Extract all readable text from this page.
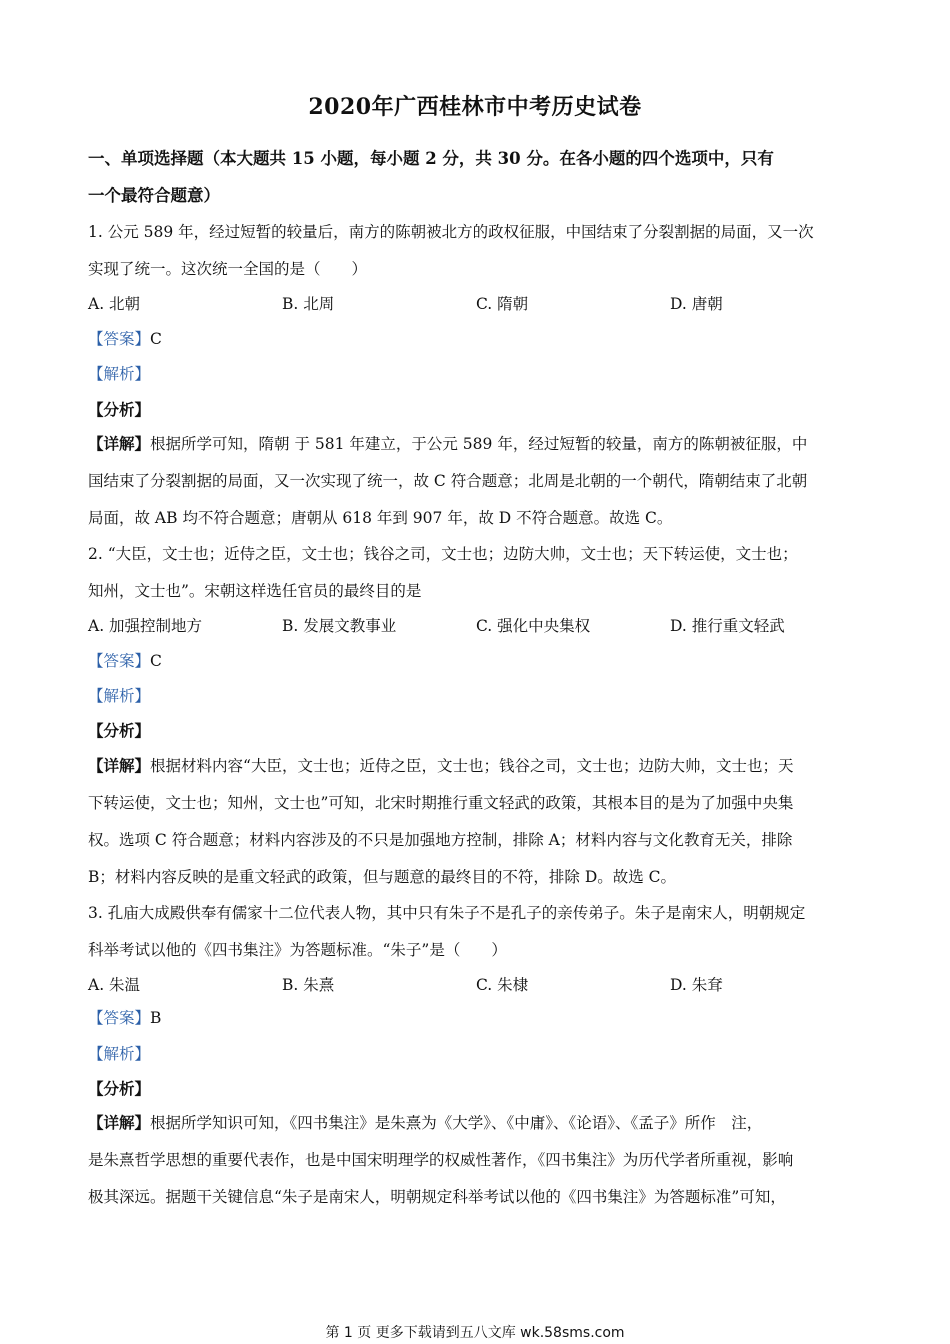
2020年广西桂林市中考历史试卷
一、单项选择题（本大题共 15 小题，每小题 2 分，共 30 分。在各小题的四个选项中，只有
一个最符合题意）
1. 公元 589 年，经过短暂的较量后，南方的陈朝被北方的政权征服，中国结束了分裂割据的局面，又一次
实现了统一。这次统一全国的是（　　）
A. 北朝	B. 北周	C. 隋朝	D. 唐朝
【答案】C
【解析】
【分析】
【详解】根据所学可知，隋朝 于 581 年建立，于公元 589 年，经过短暂的较量，南方的陈朝被征服，中
国结束了分裂割据的局面，又一次实现了统一，故 C 符合题意；北周是北朝的一个朝代，隋朝结束了北朝
局面，故 AB 均不符合题意；唐朝从 618 年到 907 年，故 D 不符合题意。故选 C。
2. “大臣，文士也；近侍之臣，文士也；钱谷之司，文士也；边防大帅，文士也；天下转运使，文士也；
知州，文士也”。宋朝这样选任官员的最终目的是
A. 加强控制地方	B. 发展文教事业	C. 强化中央集权	D. 推行重文轻武
【答案】C
【解析】
【分析】
【详解】根据材料内容“大臣，文士也；近侍之臣，文士也；钱谷之司，文士也；边防大帅，文士也；天
下转运使，文士也；知州，文士也”可知，北宋时期推行重文轻武的政策，其根本目的是为了加强中央集
权。选项 C 符合题意；材料内容涉及的不只是加强地方控制，排除 A；材料内容与文化教育无关，排除
B；材料内容反映的是重文轻武的政策，但与题意的最终目的不符，排除 D。故选 C。
3. 孔庙大成殿供奉有儒家十二位代表人物，其中只有朱子不是孔子的亲传弟子。朱子是南宋人，明朝规定
科举考试以他的《四书集注》为答题标准。“朱子”是（　　）
A. 朱温	B. 朱熹	C. 朱棣	D. 朱耷
【答案】B
【解析】
【分析】
【详解】根据所学知识可知，《四书集注》是朱熹为《大学》、《中庸》、《论语》、《孟子》所作　注，
是朱熹哲学思想的重要代表作，也是中国宋明理学的权威性著作，《四书集注》为历代学者所重视，影响
极其深远。据题干关键信息“朱子是南宋人，明朝规定科举考试以他的《四书集注》为答题标准”可知，
第 1 页 更多下载请到五八文库 wk.58sms.com
